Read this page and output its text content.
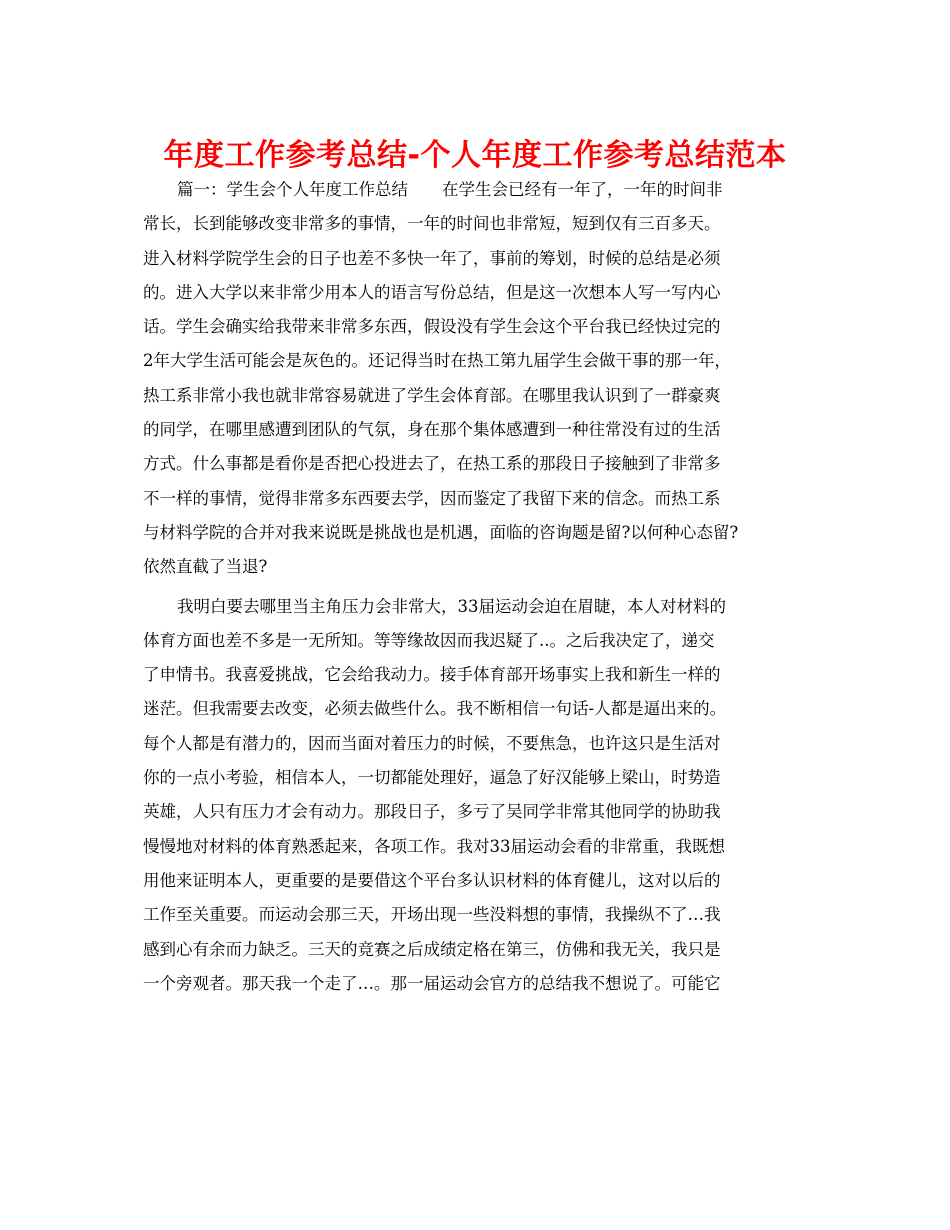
年度工作参考总结-个人年度工作参考总结范本
篇一：学生会个人年度工作总结 在学生会已经有一年了，一年的时间非
常长，长到能够改变非常多的事情，一年的时间也非常短，短到仅有三百多天。
进入材料学院学生会的日子也差不多快一年了，事前的筹划，时候的总结是必须
的。进入大学以来非常少用本人的语言写份总结，但是这一次想本人写一写内心
话。学生会确实给我带来非常多东西，假设没有学生会这个平台我已经快过完的
2年大学生活可能会是灰色的。还记得当时在热工第九届学生会做干事的那一年，
热工系非常小我也就非常容易就进了学生会体育部。在哪里我认识到了一群豪爽
的同学，在哪里感遭到团队的气氛，身在那个集体感遭到一种往常没有过的生活
方式。什么事都是看你是否把心投进去了，在热工系的那段日子接触到了非常多
不一样的事情，觉得非常多东西要去学，因而鉴定了我留下来的信念。而热工系
与材料学院的合并对我来说既是挑战也是机遇，面临的咨询题是留?以何种心态留?
依然直截了当退?
我明白要去哪里当主角压力会非常大，33届运动会迫在眉睫，本人对材料的
体育方面也差不多是一无所知。等等缘故因而我迟疑了..。之后我决定了，递交
了申情书。我喜爱挑战，它会给我动力。接手体育部开场事实上我和新生一样的
迷茫。但我需要去改变，必须去做些什么。我不断相信一句话-人都是逼出来的。
每个人都是有潜力的，因而当面对着压力的时候，不要焦急，也许这只是生活对
你的一点小考验，相信本人，一切都能处理好，逼急了好汉能够上梁山，时势造
英雄，人只有压力才会有动力。那段日子，多亏了吴同学非常其他同学的协助我
慢慢地对材料的体育熟悉起来，各项工作。我对33届运动会看的非常重，我既想
用他来证明本人，更重要的是要借这个平台多认识材料的体育健儿，这对以后的
工作至关重要。而运动会那三天，开场出现一些没料想的事情，我操纵不了…我
感到心有余而力缺乏。三天的竞赛之后成绩定格在第三，仿佛和我无关，我只是
一个旁观者。那天我一个走了…。那一届运动会官方的总结我不想说了。可能它
